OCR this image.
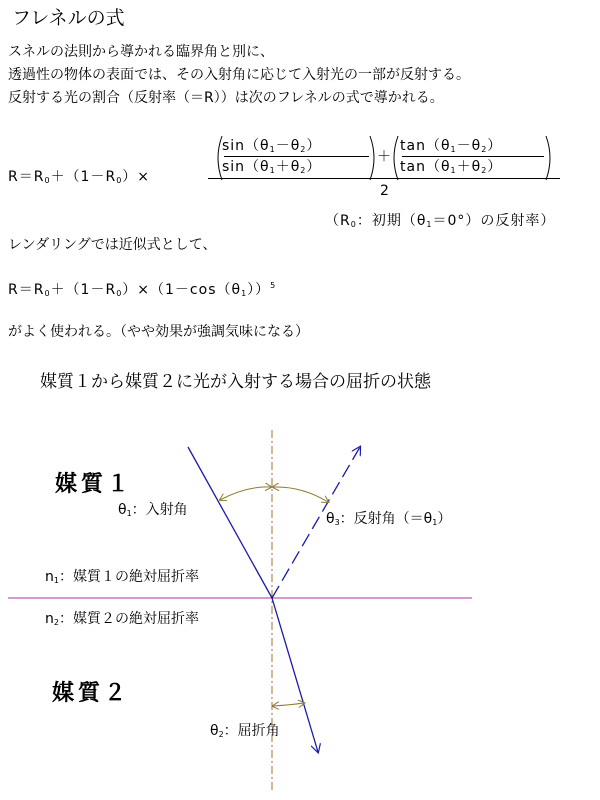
フレネルの式
スネルの法則から導かれる臨界角と別に、
透過性の物体の表面では、その入射角に応じて入射光の一部が反射する。
反射する光の割合（反射率（＝R））は次のフレネルの式で導かれる。
$R=R_0+(1-R_0)\times$
$\sin(\theta_1-\theta_2)$
$\sin(\theta_1+\theta_2)$
＋
$\tan(\theta_1-\theta_2)$
$\tan(\theta_1+\theta_2)$
2
（$R_0$：初期$(\theta_1=0^\circ)$の反射率）
レンダリングでは近似式として、
$R=R_0+(1-R_0)\times(1-\cos(\theta_1))^5$
がよく使われる。（やや効果が強調気味になる）
媒質１から媒質２に光が入射する場合の屈折の状態
媒質１
媒質２
$\theta_1$：入射角
$\theta_3$：反射角$(=\theta_1)$
$n_1$：媒質１の絶対屈折率
$n_2$：媒質２の絶対屈折率
$\theta_2$：屈折角
